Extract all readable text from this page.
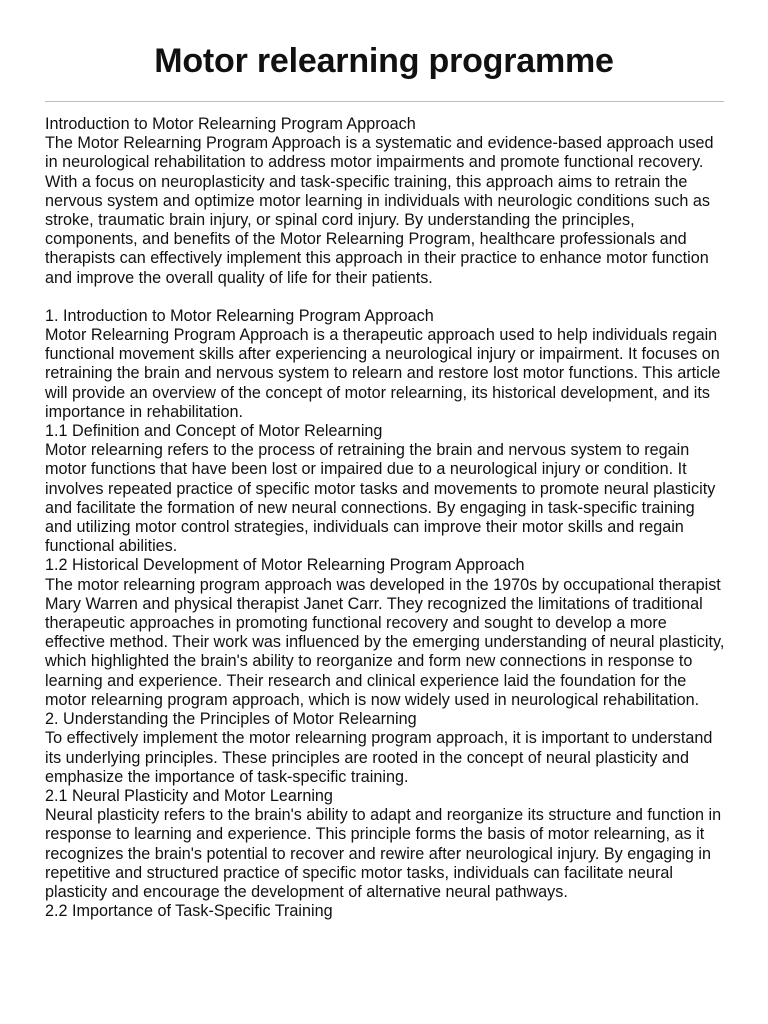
Motor relearning programme

Introduction to Motor Relearning Program Approach

The Motor Relearning Program Approach is a systematic and evidence-based approach used in neurological rehabilitation to address motor impairments and promote functional recovery. With a focus on neuroplasticity and task-specific training, this approach aims to retrain the nervous system and optimize motor learning in individuals with neurologic conditions such as stroke, traumatic brain injury, or spinal cord injury. By understanding the principles, components, and benefits of the Motor Relearning Program, healthcare professionals and therapists can effectively implement this approach in their practice to enhance motor function and improve the overall quality of life for their patients.

1. Introduction to Motor Relearning Program Approach

Motor Relearning Program Approach is a therapeutic approach used to help individuals regain functional movement skills after experiencing a neurological injury or impairment. It focuses on retraining the brain and nervous system to relearn and restore lost motor functions. This article will provide an overview of the concept of motor relearning, its historical development, and its importance in rehabilitation.

1.1 Definition and Concept of Motor Relearning

Motor relearning refers to the process of retraining the brain and nervous system to regain motor functions that have been lost or impaired due to a neurological injury or condition. It involves repeated practice of specific motor tasks and movements to promote neural plasticity and facilitate the formation of new neural connections. By engaging in task-specific training and utilizing motor control strategies, individuals can improve their motor skills and regain functional abilities.

1.2 Historical Development of Motor Relearning Program Approach

The motor relearning program approach was developed in the 1970s by occupational therapist Mary Warren and physical therapist Janet Carr. They recognized the limitations of traditional therapeutic approaches in promoting functional recovery and sought to develop a more effective method. Their work was influenced by the emerging understanding of neural plasticity, which highlighted the brain's ability to reorganize and form new connections in response to learning and experience. Their research and clinical experience laid the foundation for the motor relearning program approach, which is now widely used in neurological rehabilitation.

2. Understanding the Principles of Motor Relearning

To effectively implement the motor relearning program approach, it is important to understand its underlying principles. These principles are rooted in the concept of neural plasticity and emphasize the importance of task-specific training.

2.1 Neural Plasticity and Motor Learning

Neural plasticity refers to the brain's ability to adapt and reorganize its structure and function in response to learning and experience. This principle forms the basis of motor relearning, as it recognizes the brain's potential to recover and rewire after neurological injury. By engaging in repetitive and structured practice of specific motor tasks, individuals can facilitate neural plasticity and encourage the development of alternative neural pathways.

2.2 Importance of Task-Specific Training
